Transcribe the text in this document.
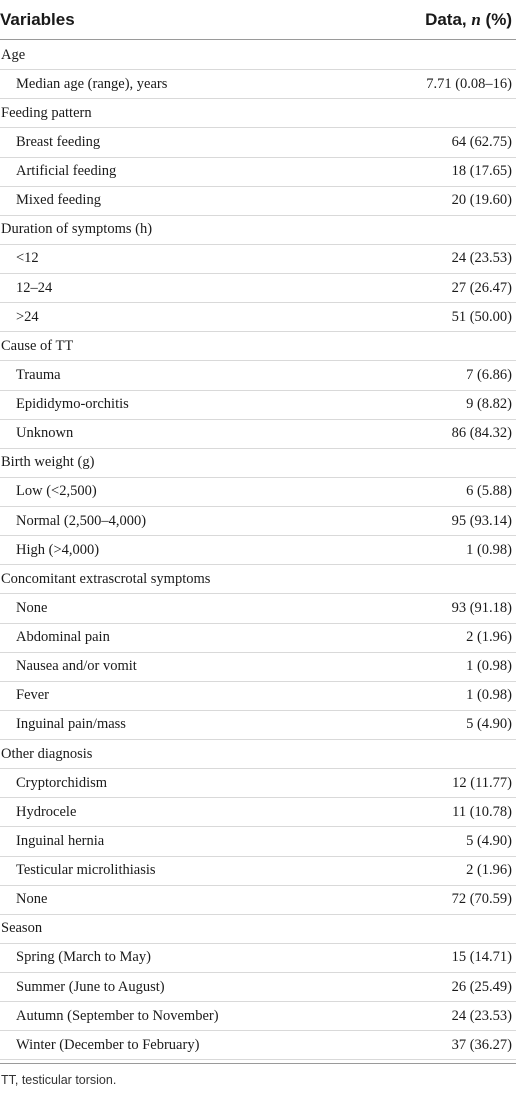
Variables	Data, n (%)
Age
Median age (range), years	7.71 (0.08–16)
Feeding pattern
Breast feeding	64 (62.75)
Artificial feeding	18 (17.65)
Mixed feeding	20 (19.60)
Duration of symptoms (h)
<12	24 (23.53)
12–24	27 (26.47)
>24	51 (50.00)
Cause of TT
Trauma	7 (6.86)
Epididymo-orchitis	9 (8.82)
Unknown	86 (84.32)
Birth weight (g)
Low (<2,500)	6 (5.88)
Normal (2,500–4,000)	95 (93.14)
High (>4,000)	1 (0.98)
Concomitant extrascrotal symptoms
None	93 (91.18)
Abdominal pain	2 (1.96)
Nausea and/or vomit	1 (0.98)
Fever	1 (0.98)
Inguinal pain/mass	5 (4.90)
Other diagnosis
Cryptorchidism	12 (11.77)
Hydrocele	11 (10.78)
Inguinal hernia	5 (4.90)
Testicular microlithiasis	2 (1.96)
None	72 (70.59)
Season
Spring (March to May)	15 (14.71)
Summer (June to August)	26 (25.49)
Autumn (September to November)	24 (23.53)
Winter (December to February)	37 (36.27)
TT, testicular torsion.
